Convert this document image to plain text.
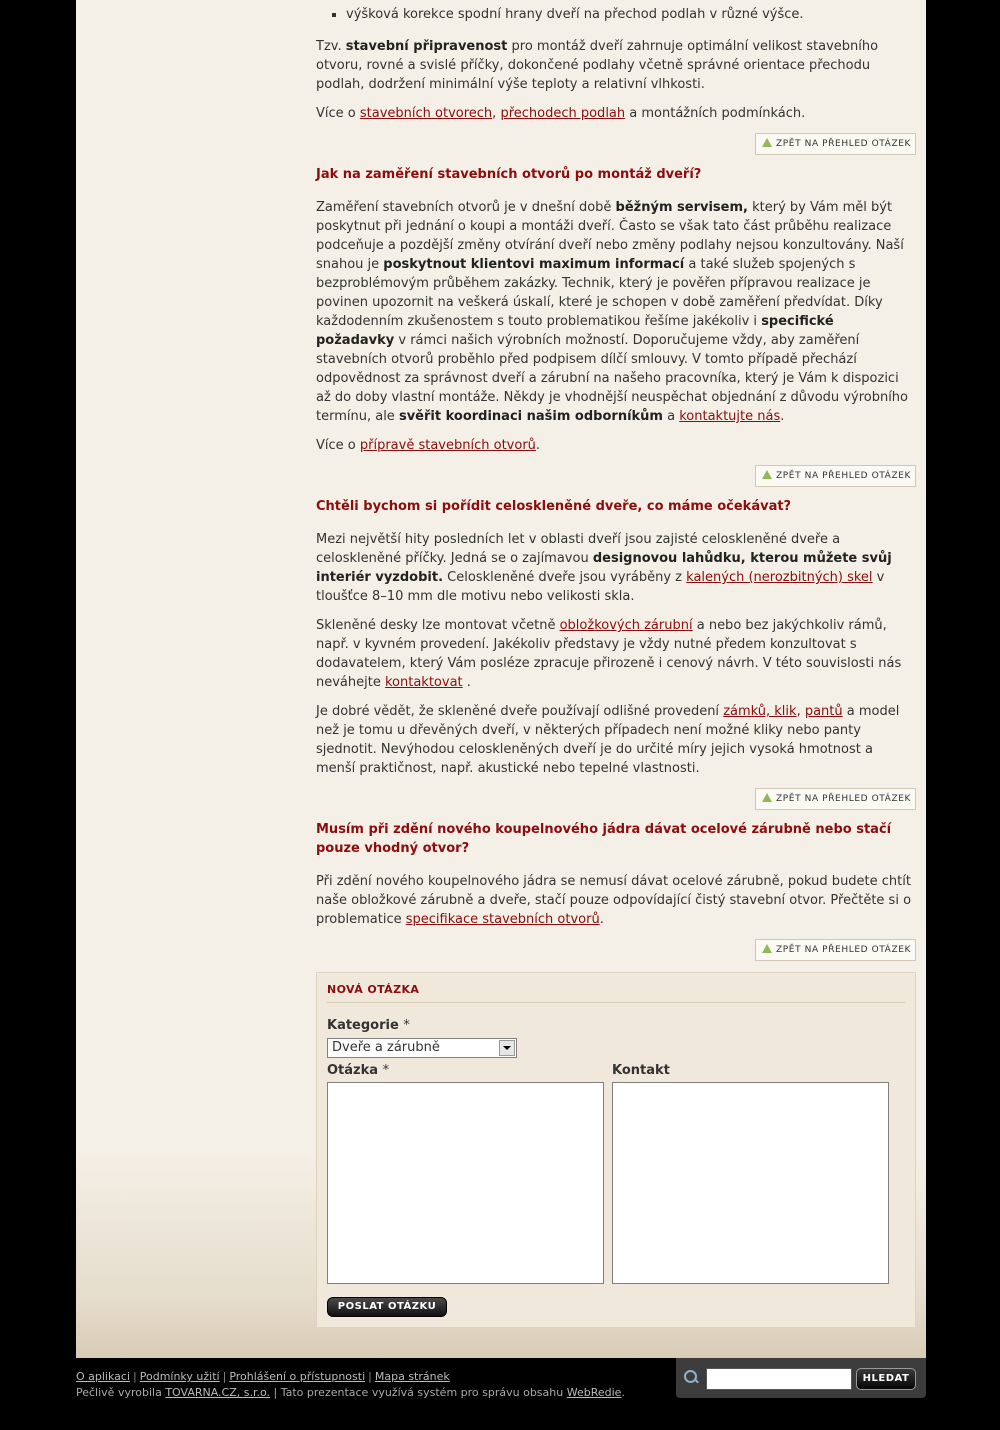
▪ výšková korekce spodní hrany dveří na přechod podlah v různé výšce.

Tzv. stavební připravenost pro montáž dveří zahrnuje optimální velikost stavebního otvoru, rovné a svislé příčky, dokončené podlahy včetně správné orientace přechodu podlah, dodržení minimální výše teploty a relativní vlhkosti.

Více o stavebních otvorech, přechodech podlah a montážních podmínkách.

ZPĚT NA PŘEHLED OTÁZEK
Jak na zaměření stavebních otvorů po montáž dveří?

Zaměření stavebních otvorů je v dnešní době běžným servisem, který by Vám měl být poskytnut při jednání o koupi a montáži dveří. Často se však tato část průběhu realizace podceňuje a pozdější změny otvírání dveří nebo změny podlahy nejsou konzultovány. Naší snahou je poskytnout klientovi maximum informací a také služeb spojených s bezproblémovým průběhem zakázky. Technik, který je pověřen přípravou realizace je povinen upozornit na veškerá úskalí, které je schopen v době zaměření předvídat. Díky každodenním zkušenostem s touto problematikou řešíme jakékoliv i specifické požadavky v rámci našich výrobních možností. Doporučujeme vždy, aby zaměření stavebních otvorů proběhlo před podpisem dílčí smlouvy. V tomto případě přechází odpovědnost za správnost dveří a zárubní na našeho pracovníka, který je Vám k dispozici až do doby vlastní montáže. Někdy je vhodnější neuspěchat objednání z důvodu výrobního termínu, ale svěřit koordinaci našim odborníkům a kontaktujte nás.

Více o přípravě stavebních otvorů.

ZPĚT NA PŘEHLED OTÁZEK
Chtěli bychom si pořídit celoskleněné dveře, co máme očekávat?

Mezi největší hity posledních let v oblasti dveří jsou zajisté celoskleněné dveře a celoskleněné příčky. Jedná se o zajímavou designovou lahůdku, kterou můžete svůj interiér vyzdobit. Celoskleněné dveře jsou vyráběny z kalených (nerozbitných) skel v tloušťce 8–10 mm dle motivu nebo velikosti skla.

Skleněné desky lze montovat včetně obložkových zárubní a nebo bez jakýchkoliv rámů, např. v kyvném provedení. Jakékoliv představy je vždy nutné předem konzultovat s dodavatelem, který Vám posléze zpracuje přirozeně i cenový návrh. V této souvislosti nás neváhejte kontaktovat .

Je dobré vědět, že skleněné dveře používají odlišné provedení zámků, klik, pantů a model než je tomu u dřevěných dveří, v některých případech není možné kliky nebo panty sjednotit. Nevýhodou celoskleněných dveří je do určité míry jejich vysoká hmotnost a menší praktičnost, např. akustické nebo tepelné vlastnosti.

ZPĚT NA PŘEHLED OTÁZEK
Musím při zdění nového koupelnového jádra dávat ocelové zárubně nebo stačí pouze vhodný otvor?

Při zdění nového koupelnového jádra se nemusí dávat ocelové zárubně, pokud budete chtít naše obložkové zárubně a dveře, stačí pouze odpovídající čistý stavební otvor. Přečtěte si o problematice specifikace stavebních otvorů.

ZPĚT NA PŘEHLED OTÁZEK
NOVÁ OTÁZKA
Kategorie *
Dveře a zárubně
Otázka *	Kontakt
POSLAT OTÁZKU
O aplikaci | Podmínky užití | Prohlášení o přístupnosti | Mapa stránek
Pečlivě vyrobila TOVARNA.CZ, s.r.o. | Tato prezentace využívá systém pro správu obsahu WebRedie.
HLEDAT
